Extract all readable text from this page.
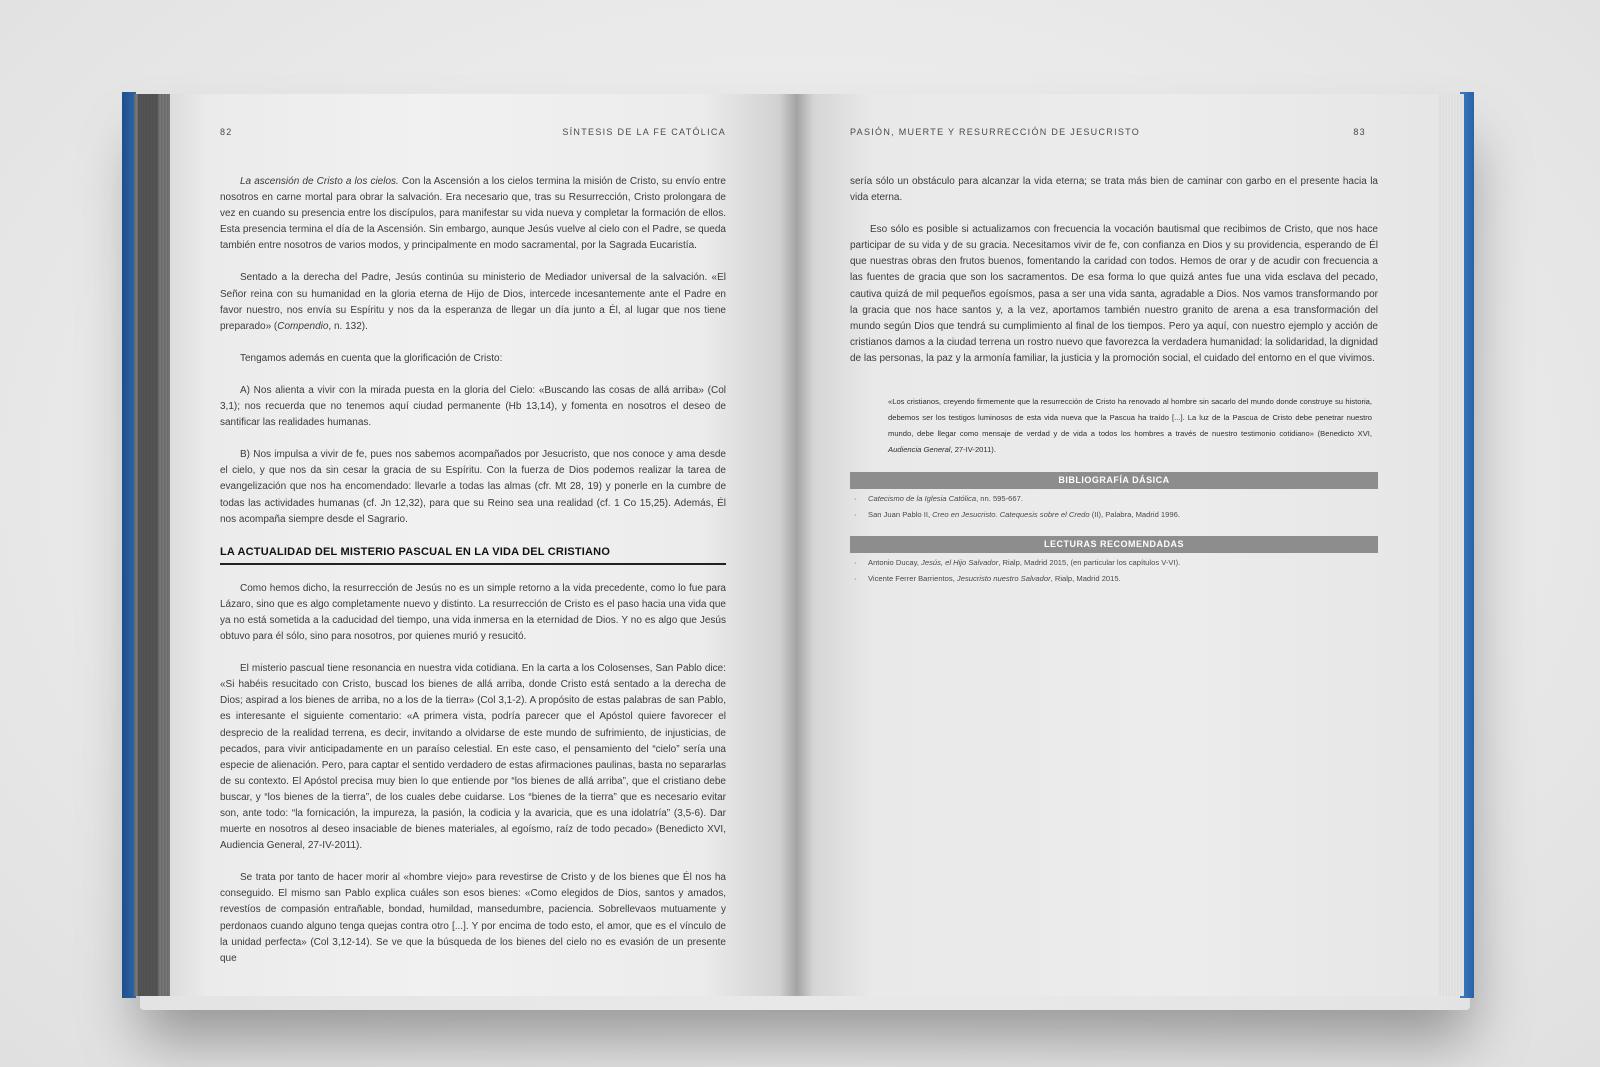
82	SÍNTESIS DE LA FE CATÓLICA

La ascensión de Cristo a los cielos. Con la Ascensión a los cielos termina la misión de Cristo, su envío entre nosotros en carne mortal para obrar la salvación. Era necesario que, tras su Resurrección, Cristo prolongara de vez en cuando su presencia entre los discípulos, para manifestar su vida nueva y completar la formación de ellos. Esta presencia termina el día de la Ascensión. Sin embargo, aunque Jesús vuelve al cielo con el Padre, se queda también entre nosotros de varios modos, y principalmente en modo sacramental, por la Sagrada Eucaristía.

Sentado a la derecha del Padre, Jesús continúa su ministerio de Mediador universal de la salvación. «El Señor reina con su humanidad en la gloria eterna de Hijo de Dios, intercede incesantemente ante el Padre en favor nuestro, nos envía su Espíritu y nos da la esperanza de llegar un día junto a Él, al lugar que nos tiene preparado» (Compendio, n. 132).

Tengamos además en cuenta que la glorificación de Cristo:

A) Nos alienta a vivir con la mirada puesta en la gloria del Cielo: «Buscando las cosas de allá arriba» (Col 3,1); nos recuerda que no tenemos aquí ciudad permanente (Hb 13,14), y fomenta en nosotros el deseo de santificar las realidades humanas.

B) Nos impulsa a vivir de fe, pues nos sabemos acompañados por Jesucristo, que nos conoce y ama desde el cielo, y que nos da sin cesar la gracia de su Espíritu. Con la fuerza de Dios podemos realizar la tarea de evangelización que nos ha encomendado: llevarle a todas las almas (cfr. Mt 28, 19) y ponerle en la cumbre de todas las actividades humanas (cf. Jn 12,32), para que su Reino sea una realidad (cf. 1 Co 15,25). Además, Él nos acompaña siempre desde el Sagrario.

LA ACTUALIDAD DEL MISTERIO PASCUAL EN LA VIDA DEL CRISTIANO

Como hemos dicho, la resurrección de Jesús no es un simple retorno a la vida precedente, como lo fue para Lázaro, sino que es algo completamente nuevo y distinto. La resurrección de Cristo es el paso hacia una vida que ya no está sometida a la caducidad del tiempo, una vida inmersa en la eternidad de Dios. Y no es algo que Jesús obtuvo para él sólo, sino para nosotros, por quienes murió y resucitó.

El misterio pascual tiene resonancia en nuestra vida cotidiana. En la carta a los Colosenses, San Pablo dice: «Si habéis resucitado con Cristo, buscad los bienes de allá arriba, donde Cristo está sentado a la derecha de Dios; aspirad a los bienes de arriba, no a los de la tierra» (Col 3,1-2). A propósito de estas palabras de san Pablo, es interesante el siguiente comentario: «A primera vista, podría parecer que el Apóstol quiere favorecer el desprecio de la realidad terrena, es decir, invitando a olvidarse de este mundo de sufrimiento, de injusticias, de pecados, para vivir anticipadamente en un paraíso celestial. En este caso, el pensamiento del “cielo” sería una especie de alienación. Pero, para captar el sentido verdadero de estas afirmaciones paulinas, basta no separarlas de su contexto. El Apóstol precisa muy bien lo que entiende por “los bienes de allá arriba”, que el cristiano debe buscar, y “los bienes de la tierra”, de los cuales debe cuidarse. Los “bienes de la tierra” que es necesario evitar son, ante todo: “la fornicación, la impureza, la pasión, la codicia y la avaricia, que es una idolatría” (3,5-6). Dar muerte en nosotros al deseo insaciable de bienes materiales, al egoísmo, raíz de todo pecado» (Benedicto XVI, Audiencia General, 27-IV-2011).

Se trata por tanto de hacer morir al «hombre viejo» para revestirse de Cristo y de los bienes que Él nos ha conseguido. El mismo san Pablo explica cuáles son esos bienes: «Como elegidos de Dios, santos y amados, revestíos de compasión entrañable, bondad, humildad, mansedumbre, paciencia. Sobrellevaos mutuamente y perdonaos cuando alguno tenga quejas contra otro [...]. Y por encima de todo esto, el amor, que es el vínculo de la unidad perfecta» (Col 3,12-14). Se ve que la búsqueda de los bienes del cielo no es evasión de un presente que

PASIÓN, MUERTE Y RESURRECCIÓN DE JESUCRISTO	83

sería sólo un obstáculo para alcanzar la vida eterna; se trata más bien de caminar con garbo en el presente hacia la vida eterna.

Eso sólo es posible si actualizamos con frecuencia la vocación bautismal que recibimos de Cristo, que nos hace participar de su vida y de su gracia. Necesitamos vivir de fe, con confianza en Dios y su providencia, esperando de Él que nuestras obras den frutos buenos, fomentando la caridad con todos. Hemos de orar y de acudir con frecuencia a las fuentes de gracia que son los sacramentos. De esa forma lo que quizá antes fue una vida esclava del pecado, cautiva quizá de mil pequeños egoísmos, pasa a ser una vida santa, agradable a Dios. Nos vamos transformando por la gracia que nos hace santos y, a la vez, aportamos también nuestro granito de arena a esa transformación del mundo según Dios que tendrá su cumplimiento al final de los tiempos. Pero ya aquí, con nuestro ejemplo y acción de cristianos damos a la ciudad terrena un rostro nuevo que favorezca la verdadera humanidad: la solidaridad, la dignidad de las personas, la paz y la armonía familiar, la justicia y la promoción social, el cuidado del entorno en el que vivimos.

«Los cristianos, creyendo firmemente que la resurrección de Cristo ha renovado al hombre sin sacarlo del mundo donde construye su historia, debemos ser los testigos luminosos de esta vida nueva que la Pascua ha traído [...]. La luz de la Pascua de Cristo debe penetrar nuestro mundo, debe llegar como mensaje de verdad y de vida a todos los hombres a través de nuestro testimonio cotidiano» (Benedicto XVI, Audiencia General, 27-IV-2011).
BIBLIOGRAFÍA DÁSICA
· Catecismo de la Iglesia Católica, nn. 595-667.
· San Juan Pablo II, Creo en Jesucristo. Catequesis sobre el Credo (II), Palabra, Madrid 1996.
LECTURAS RECOMENDADAS
· Antonio Ducay, Jesús, el Hijo Salvador, Rialp, Madrid 2015, (en particular los capítulos V-VI).
· Vicente Ferrer Barrientos, Jesucristo nuestro Salvador, Rialp, Madrid 2015.
